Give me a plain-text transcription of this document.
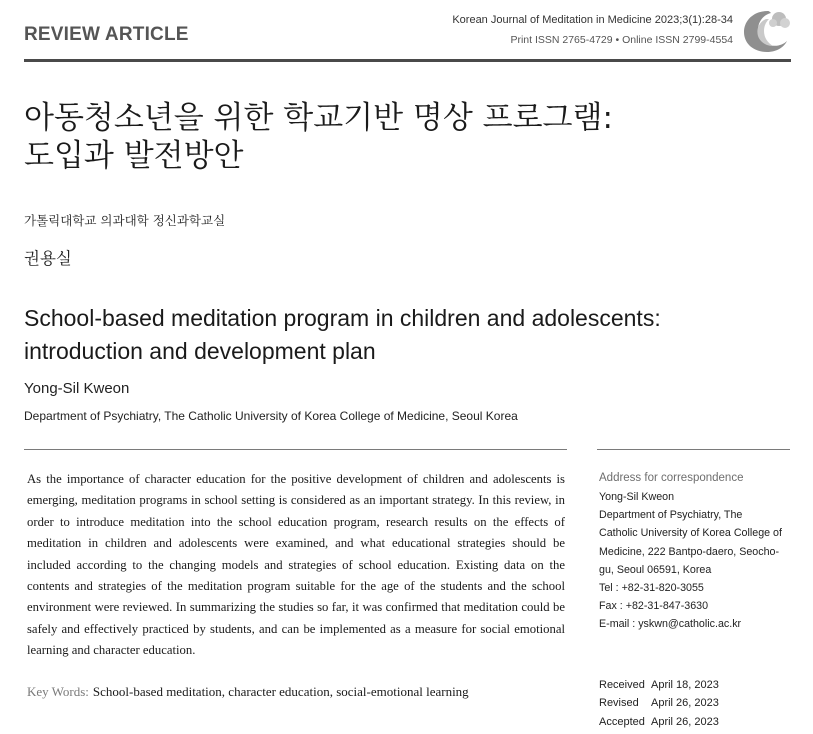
REVIEW ARTICLE
Korean Journal of Meditation in Medicine 2023;3(1):28-34
Print ISSN 2765-4729 • Online ISSN 2799-4554
아동청소년을 위한 학교기반 명상 프로그램:
도입과 발전방안
가톨릭대학교 의과대학 정신과학교실
권용실
School-based meditation program in children and adolescents:
introduction and development plan
Yong-Sil Kweon
Department of Psychiatry, The Catholic University of Korea College of Medicine, Seoul Korea
As the importance of character education for the positive development of children and adolescents is emerging, meditation programs in school setting is considered as an important strategy. In this review, in order to introduce meditation into the school education program, research results on the effects of meditation in children and adolescents were examined, and what educational strategies should be included according to the changing models and strategies of school education. Existing data on the contents and strategies of the meditation program suitable for the age of the students and the school environment were reviewed. In summarizing the studies so far, it was confirmed that meditation could be safely and effectively practiced by students, and can be implemented as a measure for social emotional learning and character education.
Key Words: School-based meditation, character education, social-emotional learning
Address for correspondence
Yong-Sil Kweon
Department of Psychiatry, The
Catholic University of Korea College of
Medicine, 222 Bantpo-daero, Seocho-
gu, Seoul 06591, Korea
Tel : +82-31-820-3055
Fax : +82-31-847-3630
E-mail : yskwn@catholic.ac.kr
Received April 18, 2023
Revised	April 26, 2023
Accepted April 26, 2023
